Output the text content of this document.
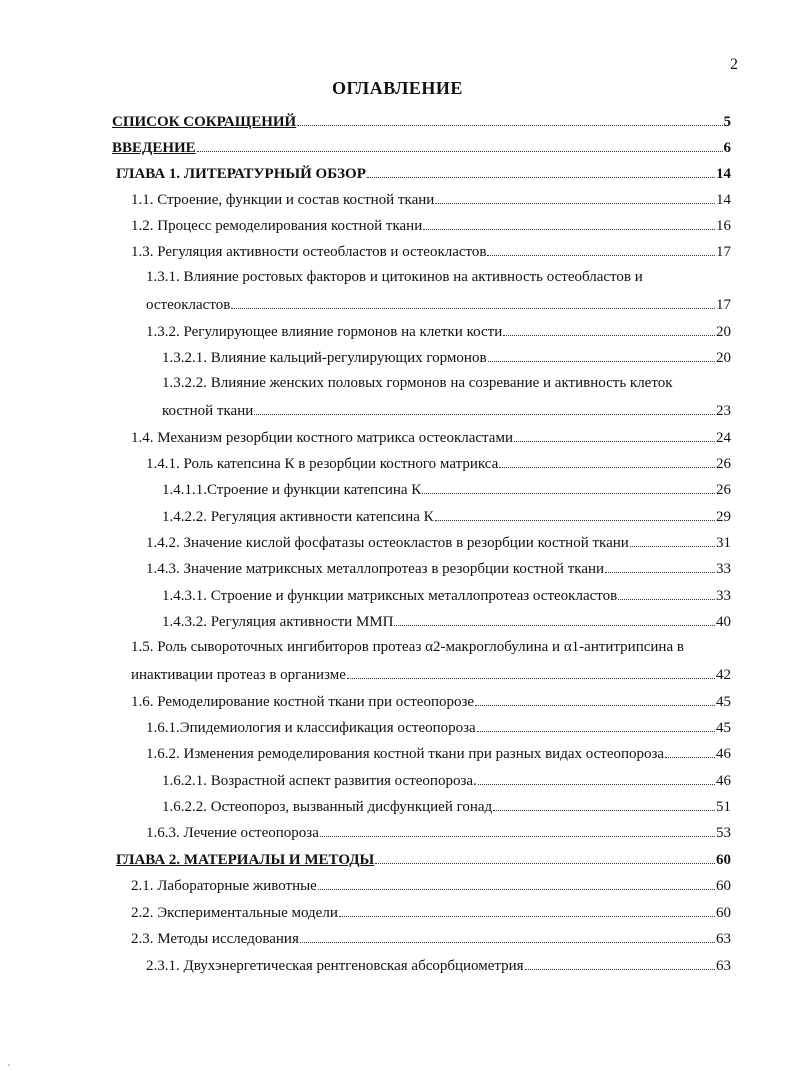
2
ОГЛАВЛЕНИЕ
СПИСОК СОКРАЩЕНИЙ	5
ВВЕДЕНИЕ	6
ГЛАВА 1. ЛИТЕРАТУРНЫЙ ОБЗОР	14
1.1. Строение, функции и состав костной ткани	14
1.2. Процесс ремоделирования костной ткани	16
1.3. Регуляция активности остеобластов и остеокластов	17
1.3.1. Влияние ростовых факторов и цитокинов на активность остеобластов и
остеокластов	17
1.3.2. Регулирующее влияние гормонов на клетки кости	20
1.3.2.1. Влияние кальций-регулирующих гормонов	20
1.3.2.2. Влияние женских половых гормонов на созревание и активность клеток
костной ткани	23
1.4. Механизм резорбции костного матрикса остеокластами	24
1.4.1. Роль катепсина К в резорбции костного матрикса	26
1.4.1.1.Строение и функции катепсина К	26
1.4.2.2. Регуляция активности катепсина К	29
1.4.2. Значение кислой фосфатазы остеокластов в резорбции костной ткани	31
1.4.3. Значение матриксных металлопротеаз в резорбции костной ткани	33
1.4.3.1. Строение и функции матриксных металлопротеаз остеокластов	33
1.4.3.2. Регуляция активности ММП	40
1.5. Роль сывороточных ингибиторов протеаз α2-макроглобулина и α1-антитрипсина в
инактивации протеаз в организме	42
1.6. Ремоделирование костной ткани при остеопорозе	45
1.6.1.Эпидемиология и классификация остеопороза	45
1.6.2. Изменения ремоделирования костной ткани при разных видах остеопороза	46
1.6.2.1. Возрастной аспект развития остеопороза.	46
1.6.2.2. Остеопороз, вызванный дисфункцией гонад	51
1.6.3. Лечение остеопороза	53
ГЛАВА 2. МАТЕРИАЛЫ И МЕТОДЫ	60
2.1. Лабораторные животные	60
2.2. Экспериментальные модели	60
2.3. Методы исследования	63
2.3.1. Двухэнергетическая рентгеновская абсорбциометрия	63
'
